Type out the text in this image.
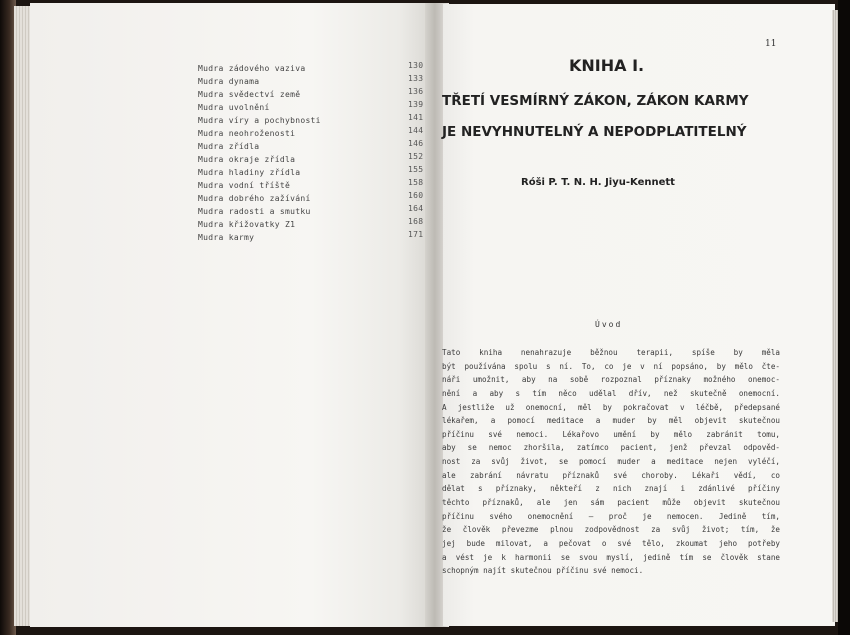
Mudra zádového vaziva	130
Mudra dynama	133
Mudra svědectví země	136
Mudra uvolnění	139
Mudra víry a pochybnosti	141
Mudra neohroženosti	144
Mudra zřídla	146
Mudra okraje zřídla	152
Mudra hladiny zřídla	155
Mudra vodní tříště	158
Mudra dobrého zažívání	160
Mudra radosti a smutku	164
Mudra křižovatky Z1	168
Mudra karmy	171
11
KNIHA I.
TŘETÍ VESMÍRNÝ ZÁKON, ZÁKON KARMY
JE NEVYHNUTELNÝ A NEPODPLATITELNÝ
Róši P. T. N. H. Jiyu-Kennett
Úvod
Tato kniha nenahrazuje běžnou terapii, spíše by měla
být používána spolu s ní. To, co je v ní popsáno, by mělo čte-
náři umožnit, aby na sobě rozpoznal příznaky možného onemoc-
nění a aby s tím něco udělal dřív, než skutečně onemocní.
A jestliže už onemocní, měl by pokračovat v léčbě, předepsané
lékařem, a pomocí meditace a muder by měl objevit skutečnou
příčinu své nemoci. Lékařovo umění by mělo zabránit tomu,
aby se nemoc zhoršila, zatímco pacient, jenž převzal odpověd-
nost za svůj život, se pomocí muder a meditace nejen vyléčí,
ale zabrání návratu příznaků své choroby. Lékaři vědí, co
dělat s příznaky, někteří z nich znají i zdánlivé příčiny
těchto příznaků, ale jen sám pacient může objevit skutečnou
příčinu svého onemocnění — proč je nemocen. Jedině tím,
že člověk převezme plnou zodpovědnost za svůj život; tím, že
jej bude milovat, a pečovat o své tělo, zkoumat jeho potřeby
a vést je k harmonii se svou myslí, jedině tím se člověk stane
schopným najít skutečnou příčinu své nemoci.
